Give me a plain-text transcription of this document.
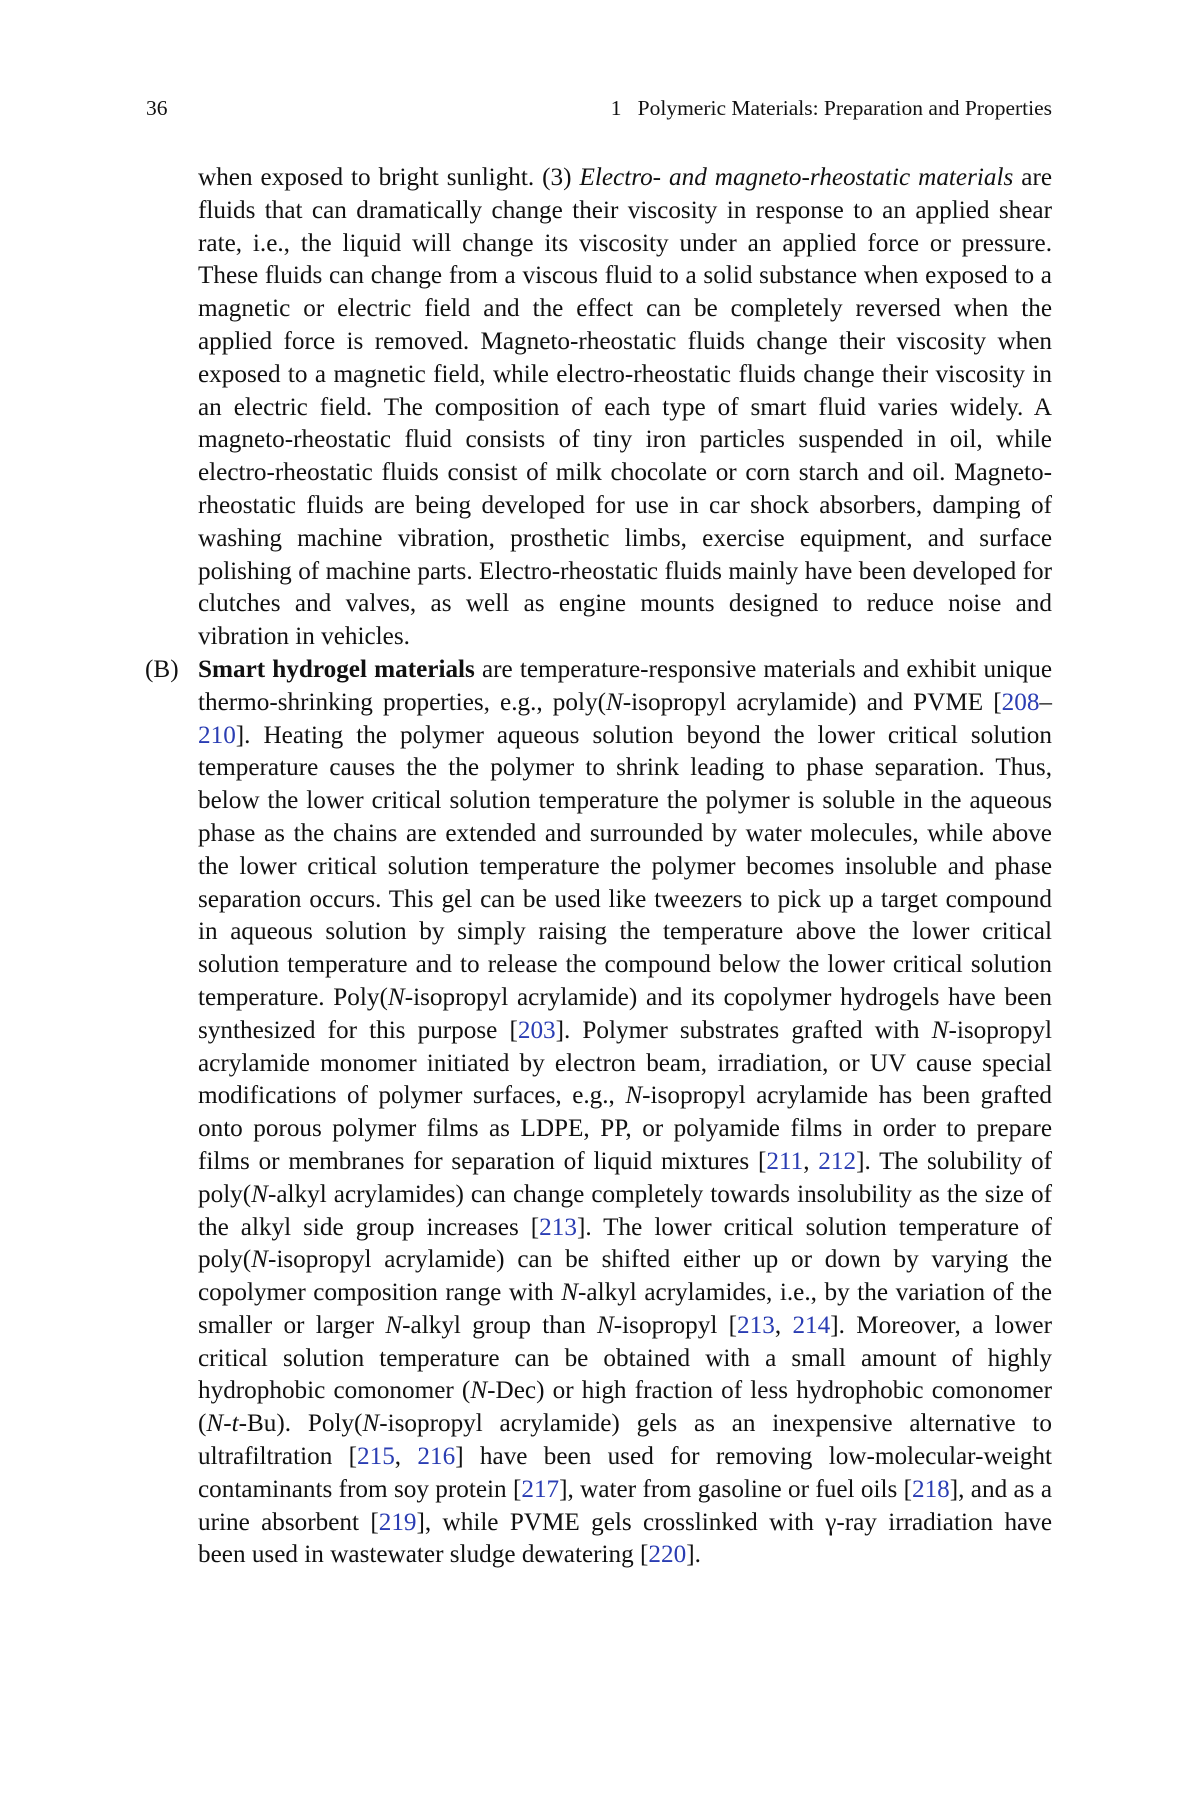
36	1   Polymeric Materials: Preparation and Properties

when exposed to bright sunlight. (3) Electro- and magneto-rheostatic materials are fluids that can dramatically change their viscosity in response to an applied shear rate, i.e., the liquid will change its viscosity under an applied force or pressure. These fluids can change from a viscous fluid to a solid substance when exposed to a magnetic or electric field and the effect can be completely reversed when the applied force is removed. Magneto-rheostatic fluids change their viscosity when exposed to a magnetic field, while electro-rheostatic fluids change their viscosity in an electric field. The composition of each type of smart fluid varies widely. A magneto-rheostatic fluid consists of tiny iron particles suspended in oil, while electro-rheostatic fluids consist of milk chocolate or corn starch and oil. Magneto-rheostatic fluids are being developed for use in car shock absorbers, damping of washing machine vibration, prosthetic limbs, exercise equipment, and surface polishing of machine parts. Electro-rheostatic fluids mainly have been developed for clutches and valves, as well as engine mounts designed to reduce noise and vibration in vehicles.

(B) Smart hydrogel materials are temperature-responsive materials and exhibit unique thermo-shrinking properties, e.g., poly(N-isopropyl acrylamide) and PVME [208–210]. Heating the polymer aqueous solution beyond the lower critical solution temperature causes the the polymer to shrink leading to phase separation. Thus, below the lower critical solution temperature the polymer is soluble in the aqueous phase as the chains are extended and surrounded by water molecules, while above the lower critical solution temperature the polymer becomes insoluble and phase separation occurs. This gel can be used like tweezers to pick up a target compound in aqueous solution by simply raising the temperature above the lower critical solution temperature and to release the compound below the lower critical solution temperature. Poly(N-isopropyl acrylamide) and its copolymer hydrogels have been synthesized for this purpose [203]. Polymer substrates grafted with N-isopropyl acrylamide monomer initiated by electron beam, irradiation, or UV cause special modifications of polymer surfaces, e.g., N-isopropyl acrylamide has been grafted onto porous polymer films as LDPE, PP, or polyamide films in order to prepare films or membranes for separation of liquid mixtures [211, 212]. The solubility of poly(N-alkyl acrylamides) can change completely towards insolubility as the size of the alkyl side group increases [213]. The lower critical solution temperature of poly(N-isopropyl acrylamide) can be shifted either up or down by varying the copolymer composition range with N-alkyl acrylamides, i.e., by the variation of the smaller or larger N-alkyl group than N-isopropyl [213, 214]. Moreover, a lower critical solution temperature can be obtained with a small amount of highly hydrophobic comonomer (N-Dec) or high fraction of less hydrophobic comonomer (N-t-Bu). Poly(N-isopropyl acrylamide) gels as an inexpensive alternative to ultrafiltration [215, 216] have been used for removing low-molecular-weight contaminants from soy protein [217], water from gasoline or fuel oils [218], and as a urine absorbent [219], while PVME gels crosslinked with γ-ray irradiation have been used in wastewater sludge dewatering [220].
